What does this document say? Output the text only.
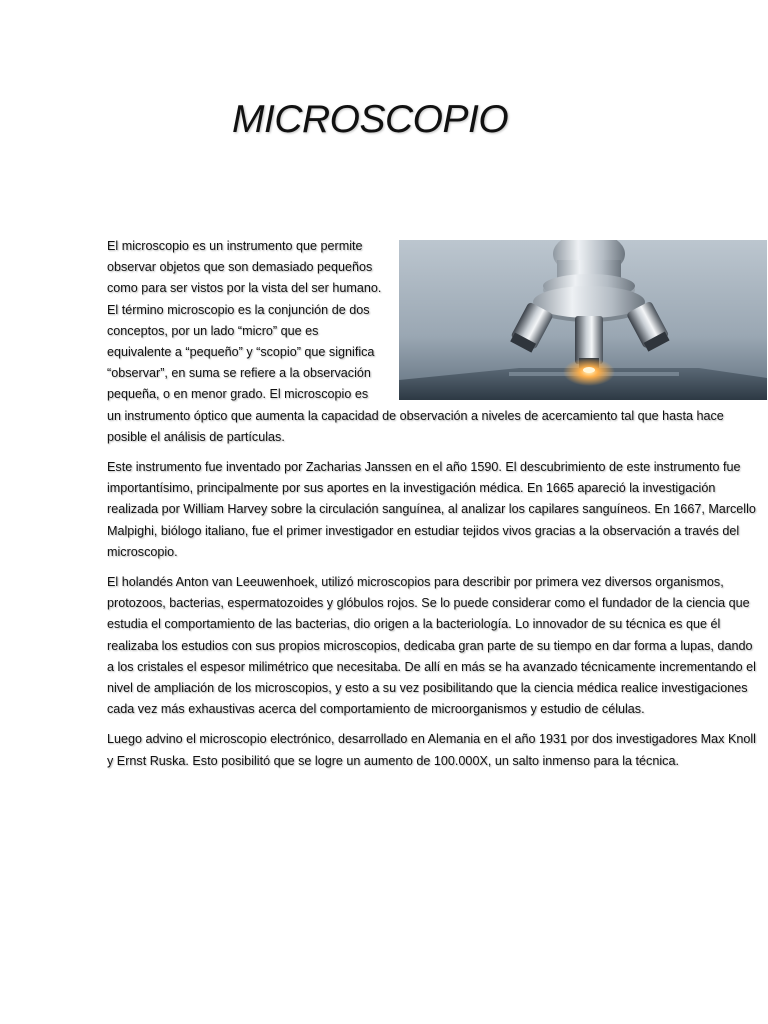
MICROSCOPIO

El microscopio es un instrumento que permite observar objetos que son demasiado pequeños como para ser vistos por la vista del ser humano. El término microscopio es la conjunción de dos conceptos, por un lado “micro” que es equivalente a “pequeño” y “scopio” que significa “observar”, en suma se refiere a la observación pequeña, o en menor grado. El microscopio es un instrumento óptico que aumenta la capacidad de observación a niveles de acercamiento tal que hasta hace posible el análisis de partículas.

Este instrumento fue inventado por Zacharias Janssen en el año 1590. El descubrimiento de este instrumento fue importantísimo, principalmente por sus aportes en la investigación médica. En 1665 apareció la investigación realizada por William Harvey sobre la circulación sanguínea, al analizar los capilares sanguíneos. En 1667, Marcello Malpighi, biólogo italiano, fue el primer investigador en estudiar tejidos vivos gracias a la observación a través del microscopio.

El holandés Anton van Leeuwenhoek, utilizó microscopios para describir por primera vez diversos organismos, protozoos, bacterias, espermatozoides y glóbulos rojos. Se lo puede considerar como el fundador de la ciencia que estudia el comportamiento de las bacterias, dio origen a la bacteriología. Lo innovador de su técnica es que él realizaba los estudios con sus propios microscopios, dedicaba gran parte de su tiempo en dar forma a lupas, dando a los cristales el espesor milimétrico que necesitaba. De allí en más se ha avanzado técnicamente incrementando el nivel de ampliación de los microscopios, y esto a su vez posibilitando que la ciencia médica realice investigaciones cada vez más exhaustivas acerca del comportamiento de microorganismos y estudio de células.

Luego advino el microscopio electrónico, desarrollado en Alemania en el año 1931 por dos investigadores Max Knoll y Ernst Ruska. Esto posibilitó que se logre un aumento de 100.000X, un salto inmenso para la técnica.
